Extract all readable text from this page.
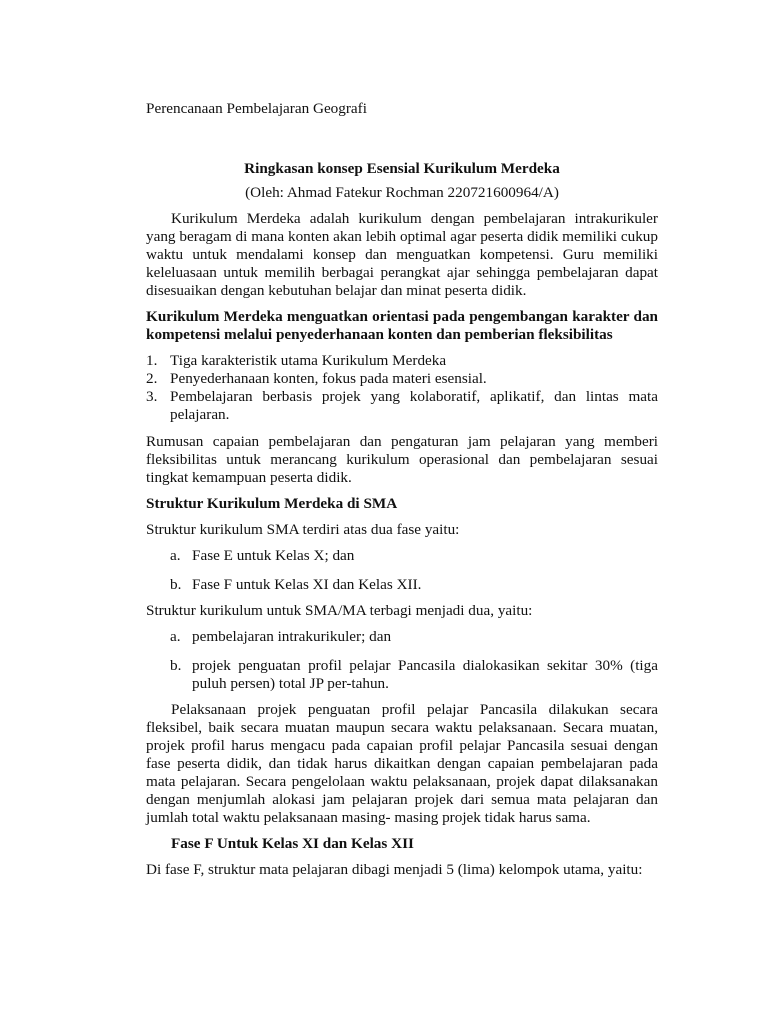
Perencanaan Pembelajaran Geografi

Ringkasan konsep Esensial Kurikulum Merdeka

(Oleh: Ahmad Fatekur Rochman 220721600964/A)

Kurikulum Merdeka adalah kurikulum dengan pembelajaran intrakurikuler yang beragam di mana konten akan lebih optimal agar peserta didik memiliki cukup waktu untuk mendalami konsep dan menguatkan kompetensi. Guru memiliki keleluasaan untuk memilih berbagai perangkat ajar sehingga pembelajaran dapat disesuaikan dengan kebutuhan belajar dan minat peserta didik.

Kurikulum Merdeka menguatkan orientasi pada pengembangan karakter dan kompetensi melalui penyederhanaan konten dan pemberian fleksibilitas

1. Tiga karakteristik utama Kurikulum Merdeka
2. Penyederhanaan konten, fokus pada materi esensial.
3. Pembelajaran berbasis projek yang kolaboratif, aplikatif, dan lintas mata pelajaran.

Rumusan capaian pembelajaran dan pengaturan jam pelajaran yang memberi fleksibilitas untuk merancang kurikulum operasional dan pembelajaran sesuai tingkat kemampuan peserta didik.

Struktur Kurikulum Merdeka di SMA

Struktur kurikulum SMA terdiri atas dua fase yaitu:

a. Fase E untuk Kelas X; dan
b. Fase F untuk Kelas XI dan Kelas XII.

Struktur kurikulum untuk SMA/MA terbagi menjadi dua, yaitu:

a. pembelajaran intrakurikuler; dan
b. projek penguatan profil pelajar Pancasila dialokasikan sekitar 30% (tiga puluh persen) total JP per-tahun.

Pelaksanaan projek penguatan profil pelajar Pancasila dilakukan secara fleksibel, baik secara muatan maupun secara waktu pelaksanaan. Secara muatan, projek profil harus mengacu pada capaian profil pelajar Pancasila sesuai dengan fase peserta didik, dan tidak harus dikaitkan dengan capaian pembelajaran pada mata pelajaran. Secara pengelolaan waktu pelaksanaan, projek dapat dilaksanakan dengan menjumlah alokasi jam pelajaran projek dari semua mata pelajaran dan jumlah total waktu pelaksanaan masing- masing projek tidak harus sama.

Fase F Untuk Kelas XI dan Kelas XII

Di fase F, struktur mata pelajaran dibagi menjadi 5 (lima) kelompok utama, yaitu:
